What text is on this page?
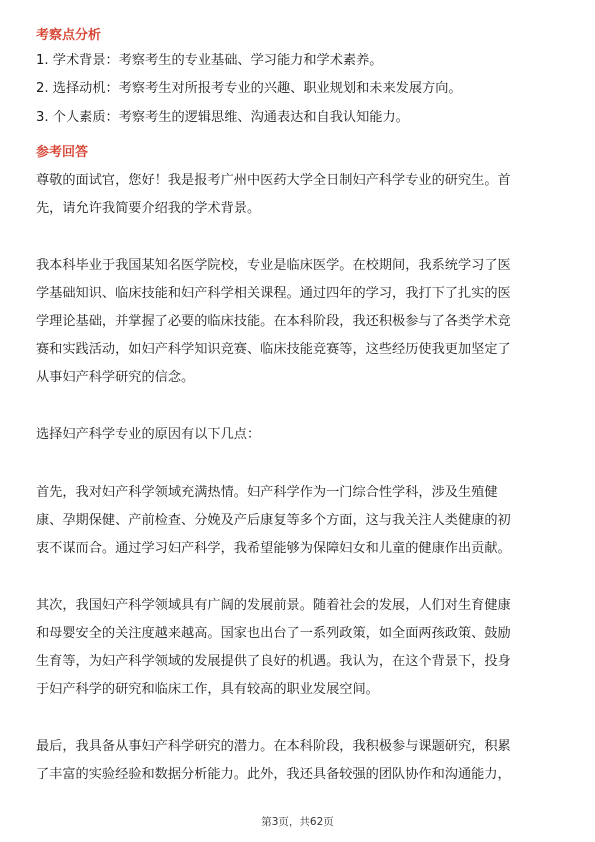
考察点分析
1. 学术背景：考察考生的专业基础、学习能力和学术素养。
2. 选择动机：考察考生对所报考专业的兴趣、职业规划和未来发展方向。
3. 个人素质：考察考生的逻辑思维、沟通表达和自我认知能力。
参考回答
尊敬的面试官，您好！我是报考广州中医药大学全日制妇产科学专业的研究生。首
先，请允许我简要介绍我的学术背景。
我本科毕业于我国某知名医学院校，专业是临床医学。在校期间，我系统学习了医
学基础知识、临床技能和妇产科学相关课程。通过四年的学习，我打下了扎实的医
学理论基础，并掌握了必要的临床技能。在本科阶段，我还积极参与了各类学术竞
赛和实践活动，如妇产科学知识竞赛、临床技能竞赛等，这些经历使我更加坚定了
从事妇产科学研究的信念。
选择妇产科学专业的原因有以下几点：
首先，我对妇产科学领域充满热情。妇产科学作为一门综合性学科，涉及生殖健
康、孕期保健、产前检查、分娩及产后康复等多个方面，这与我关注人类健康的初
衷不谋而合。通过学习妇产科学，我希望能够为保障妇女和儿童的健康作出贡献。
其次，我国妇产科学领域具有广阔的发展前景。随着社会的发展，人们对生育健康
和母婴安全的关注度越来越高。国家也出台了一系列政策，如全面两孩政策、鼓励
生育等，为妇产科学领域的发展提供了良好的机遇。我认为，在这个背景下，投身
于妇产科学的研究和临床工作，具有较高的职业发展空间。
最后，我具备从事妇产科学研究的潜力。在本科阶段，我积极参与课题研究，积累
了丰富的实验经验和数据分析能力。此外，我还具备较强的团队协作和沟通能力，
第3页，共62页
